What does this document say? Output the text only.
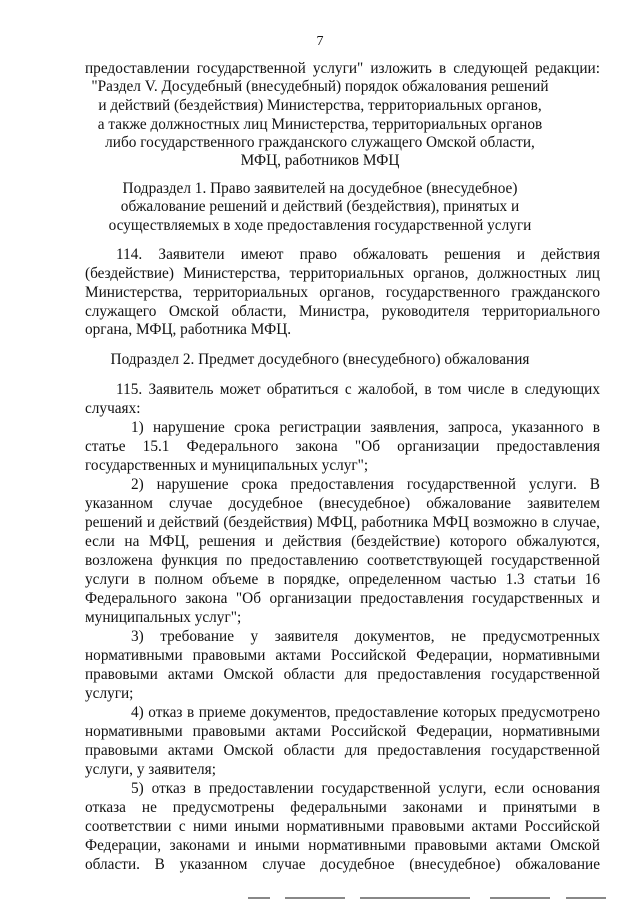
7
предоставлении государственной услуги" изложить в следующей редакции:
"Раздел V. Досудебный (внесудебный) порядок обжалования решений
и действий (бездействия) Министерства, территориальных органов,
а также должностных лиц Министерства, территориальных органов
либо государственного гражданского служащего Омской области,
МФЦ, работников МФЦ
Подраздел 1. Право заявителей на досудебное (внесудебное)
обжалование решений и действий (бездействия), принятых и
осуществляемых в ходе предоставления государственной услуги
114. Заявители имеют право обжаловать решения и действия
(бездействие) Министерства, территориальных органов, должностных лиц
Министерства, территориальных органов, государственного гражданского
служащего Омской области, Министра, руководителя территориального
органа, МФЦ, работника МФЦ.
Подраздел 2. Предмет досудебного (внесудебного) обжалования
115. Заявитель может обратиться с жалобой, в том числе в следующих
случаях:
1) нарушение срока регистрации заявления, запроса, указанного в
статье 15.1 Федерального закона "Об организации предоставления
государственных и муниципальных услуг";
2) нарушение срока предоставления государственной услуги. В
указанном случае досудебное (внесудебное) обжалование заявителем
решений и действий (бездействия) МФЦ, работника МФЦ возможно в случае,
если на МФЦ, решения и действия (бездействие) которого обжалуются,
возложена функция по предоставлению соответствующей государственной
услуги в полном объеме в порядке, определенном частью 1.3 статьи 16
Федерального закона "Об организации предоставления государственных и
муниципальных услуг";
3) требование у заявителя документов, не предусмотренных
нормативными правовыми актами Российской Федерации, нормативными
правовыми актами Омской области для предоставления государственной
услуги;
4) отказ в приеме документов, предоставление которых предусмотрено
нормативными правовыми актами Российской Федерации, нормативными
правовыми актами Омской области для предоставления государственной
услуги, у заявителя;
5) отказ в предоставлении государственной услуги, если основания
отказа не предусмотрены федеральными законами и принятыми в
соответствии с ними иными нормативными правовыми актами Российской
Федерации, законами и иными нормативными правовыми актами Омской
области. В указанном случае досудебное (внесудебное) обжалование
